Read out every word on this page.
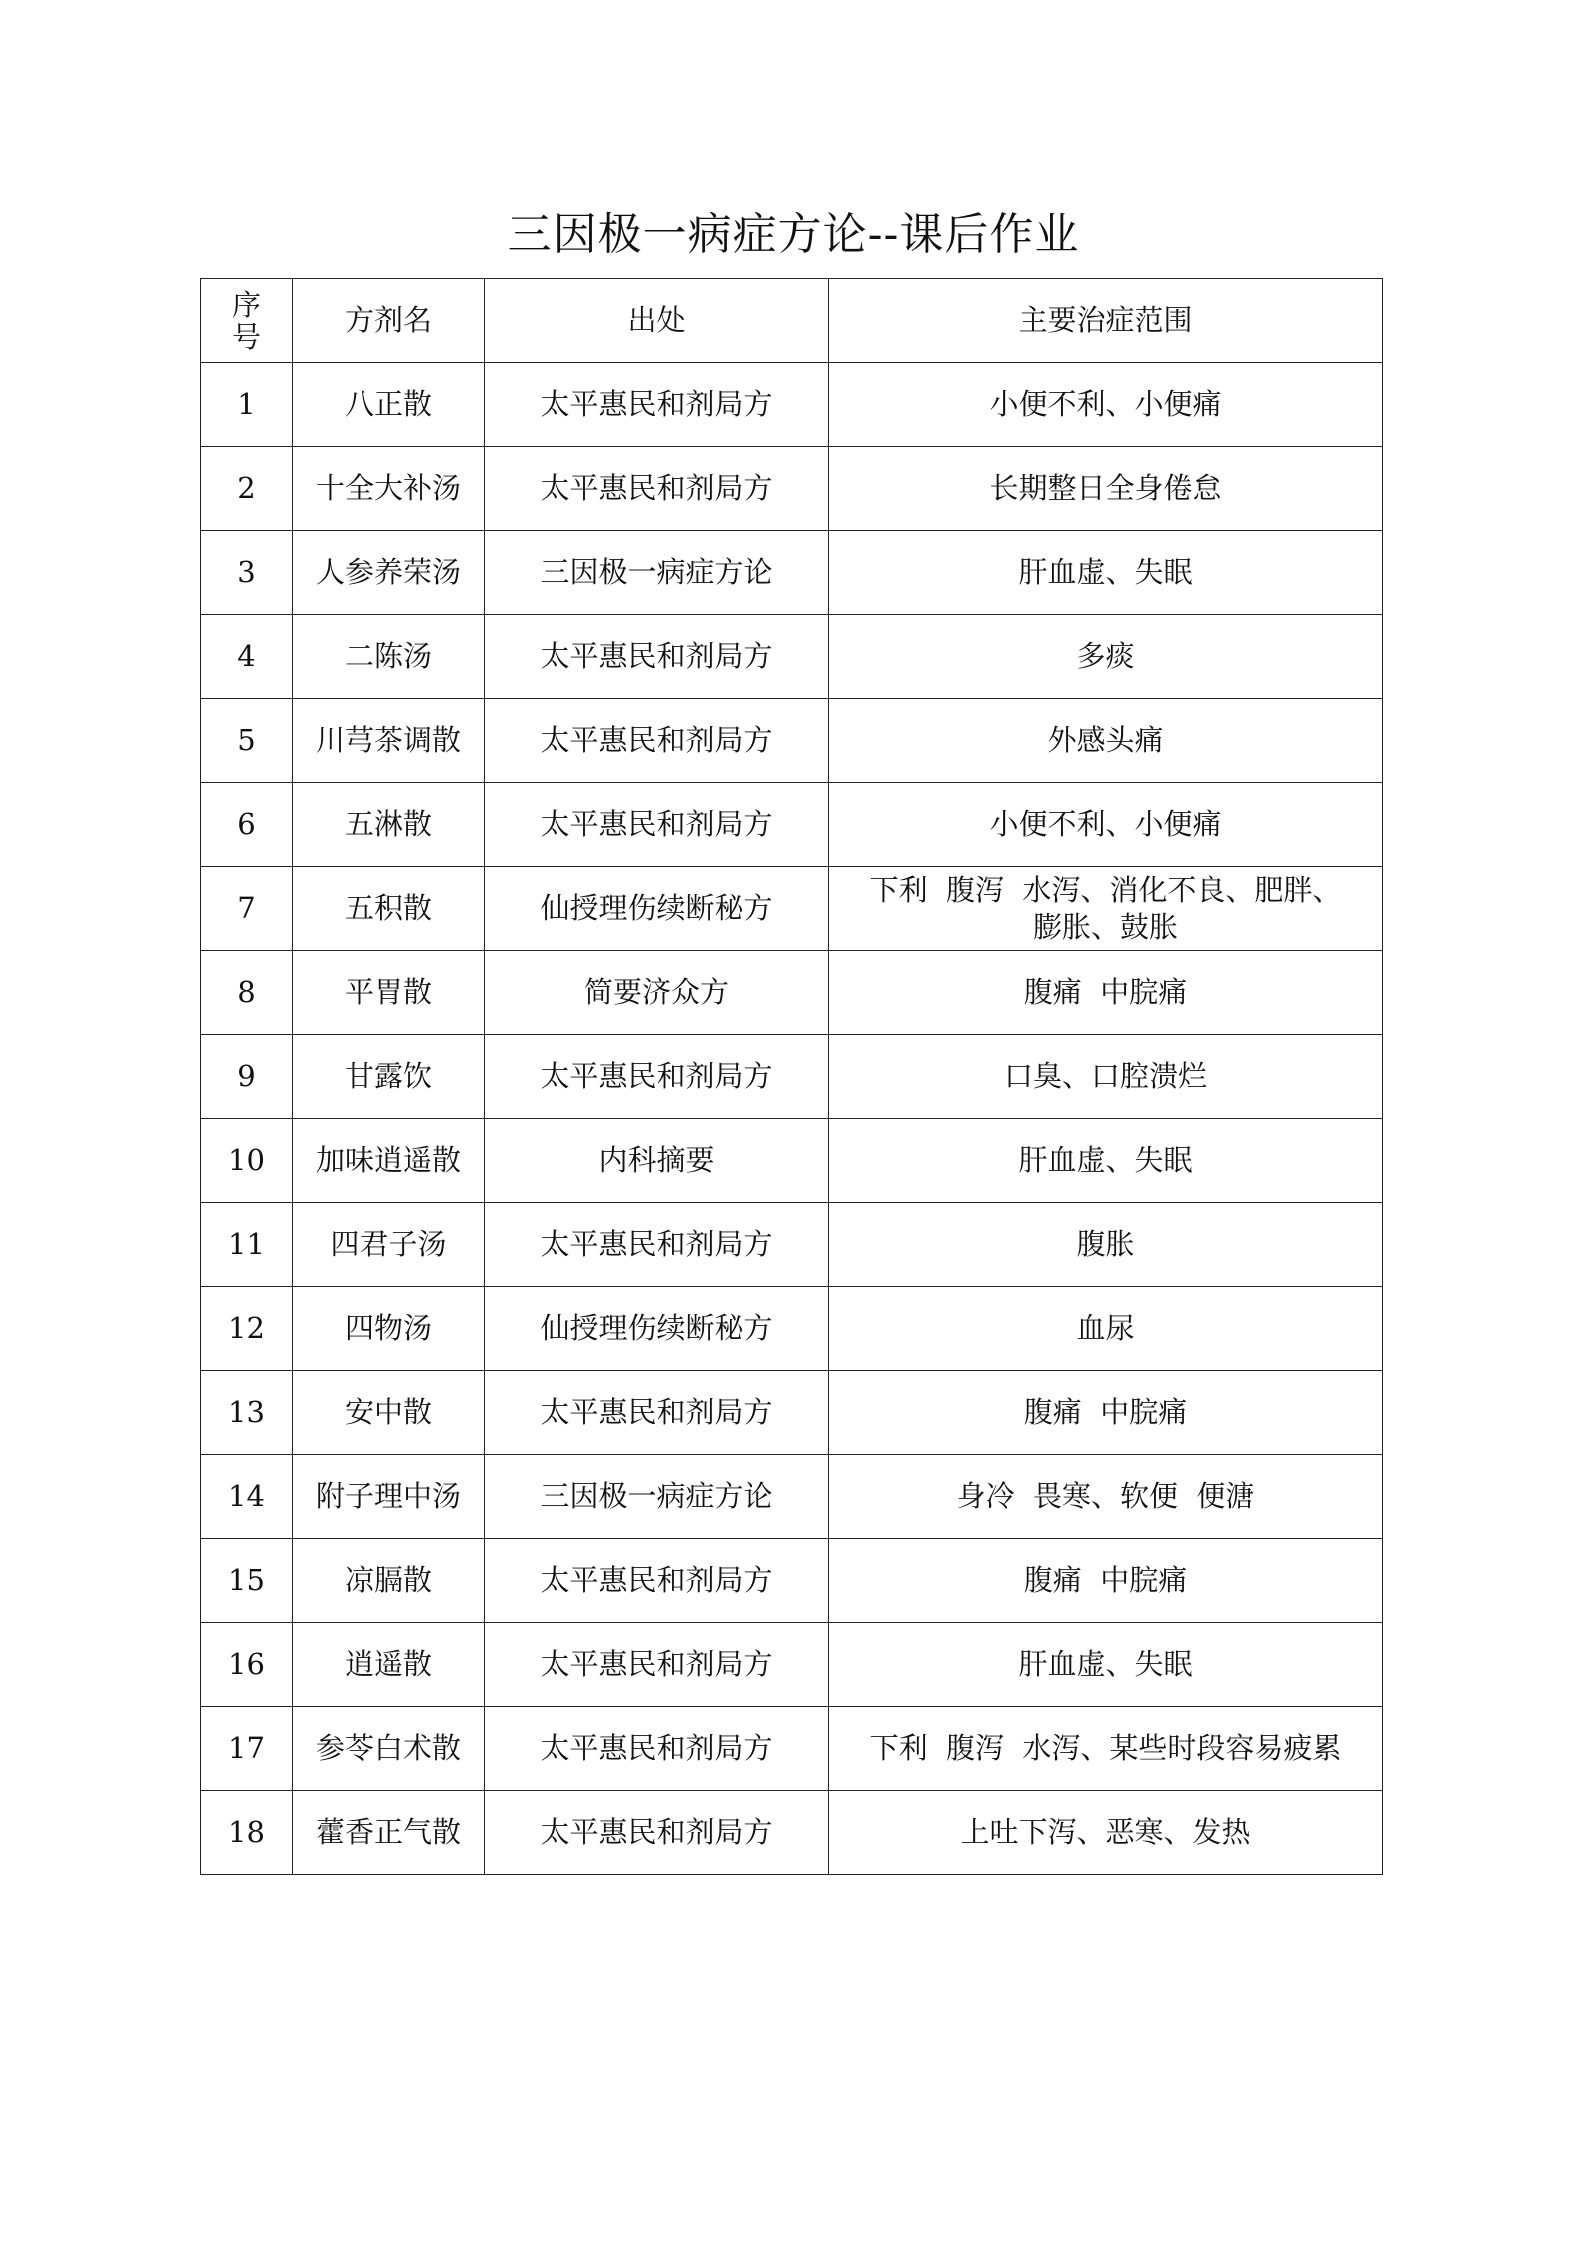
三因极一病症方论--课后作业
序
号	方剂名	出处	主要治症范围
1	八正散	太平惠民和剂局方	小便不利、小便痛
2	十全大补汤	太平惠民和剂局方	长期整日全身倦怠
3	人参养荣汤	三因极一病症方论	肝血虚、失眠
4	二陈汤	太平惠民和剂局方	多痰
5	川芎茶调散	太平惠民和剂局方	外感头痛
6	五淋散	太平惠民和剂局方	小便不利、小便痛
7	五积散	仙授理伤续断秘方	下利  腹泻  水泻、消化不良、肥胖、
膨胀、鼓胀

8	平胃散	简要济众方	腹痛  中脘痛
9	甘露饮	太平惠民和剂局方	口臭、口腔溃烂
10	加味逍遥散	内科摘要	肝血虚、失眠
11	四君子汤	太平惠民和剂局方	腹胀
12	四物汤	仙授理伤续断秘方	血尿
13	安中散	太平惠民和剂局方	腹痛  中脘痛
14	附子理中汤	三因极一病症方论	身冷  畏寒、软便  便溏
15	凉膈散	太平惠民和剂局方	腹痛  中脘痛
16	逍遥散	太平惠民和剂局方	肝血虚、失眠
17	参苓白术散	太平惠民和剂局方	下利  腹泻  水泻、某些时段容易疲累
18	藿香正气散	太平惠民和剂局方	上吐下泻、恶寒、发热
